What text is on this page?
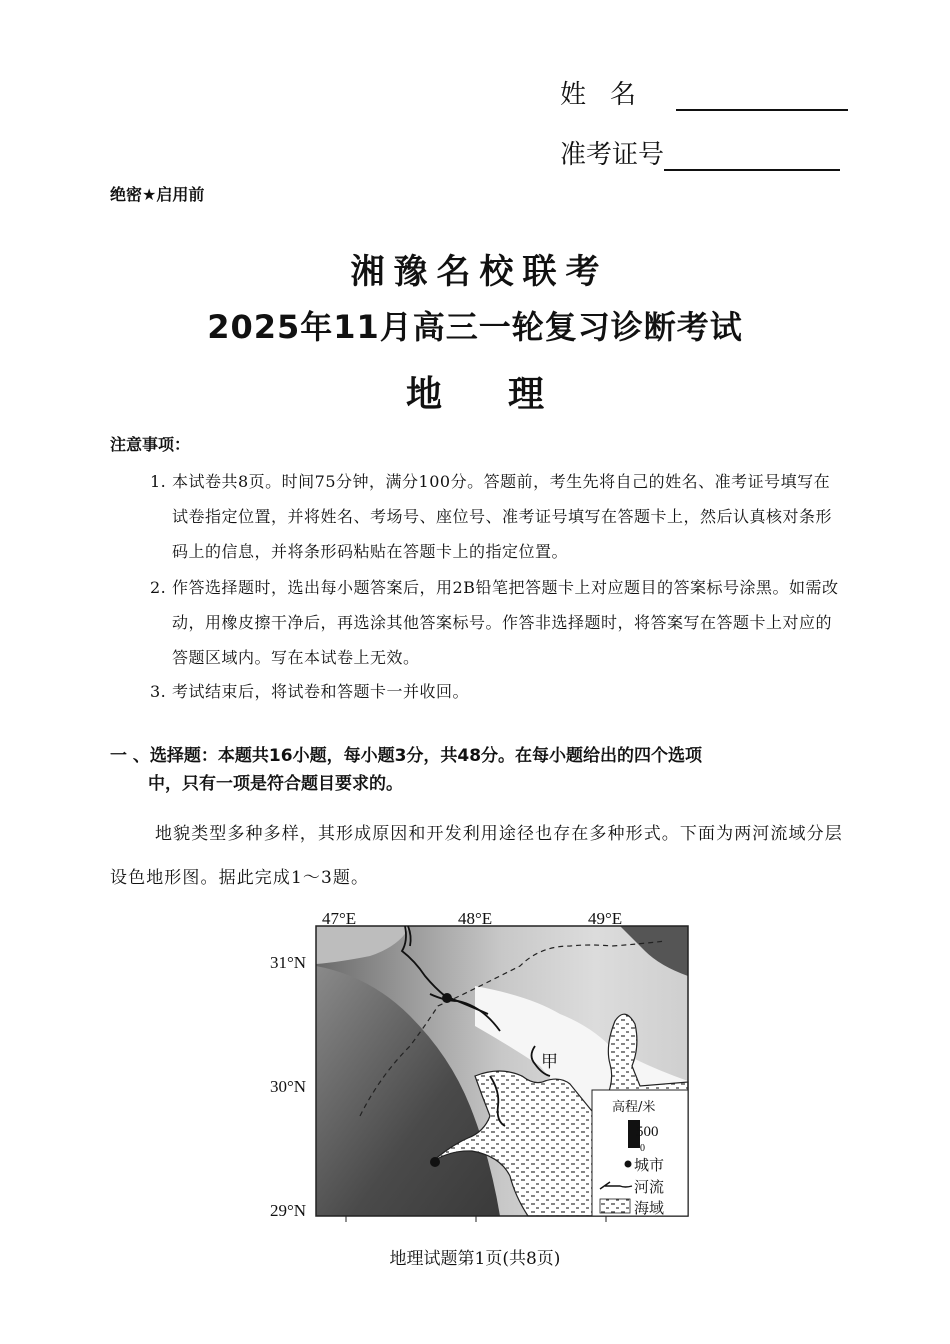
姓 名
准考证号
绝密★启用前
湘豫名校联考
2025年11月高三一轮复习诊断考试
地理
注意事项：
1. 本试卷共8页。时间75分钟，满分100分。答题前，考生先将自己的姓名、准考证号填写在试卷指定位置，并将姓名、考场号、座位号、准考证号填写在答题卡上，然后认真核对条形码上的信息，并将条形码粘贴在答题卡上的指定位置。
2. 作答选择题时，选出每小题答案后，用2B铅笔把答题卡上对应题目的答案标号涂黑。如需改动，用橡皮擦干净后，再选涂其他答案标号。作答非选择题时，将答案写在答题卡上对应的答题区域内。写在本试卷上无效。
3. 考试结束后，将试卷和答题卡一并收回。
一 、选择题：本题共16小题，每小题3分，共48分。在每小题给出的四个选项
中，只有一项是符合题目要求的。
地貌类型多种多样，其形成原因和开发利用途径也存在多种形式。下面为两河流域分层设色地形图。据此完成1～3题。
甲
47°E	48°E	49°E
31°N
30°N
29°N
高程/米
500
0
城市
河流
海域
地理试题第1页(共8页)
